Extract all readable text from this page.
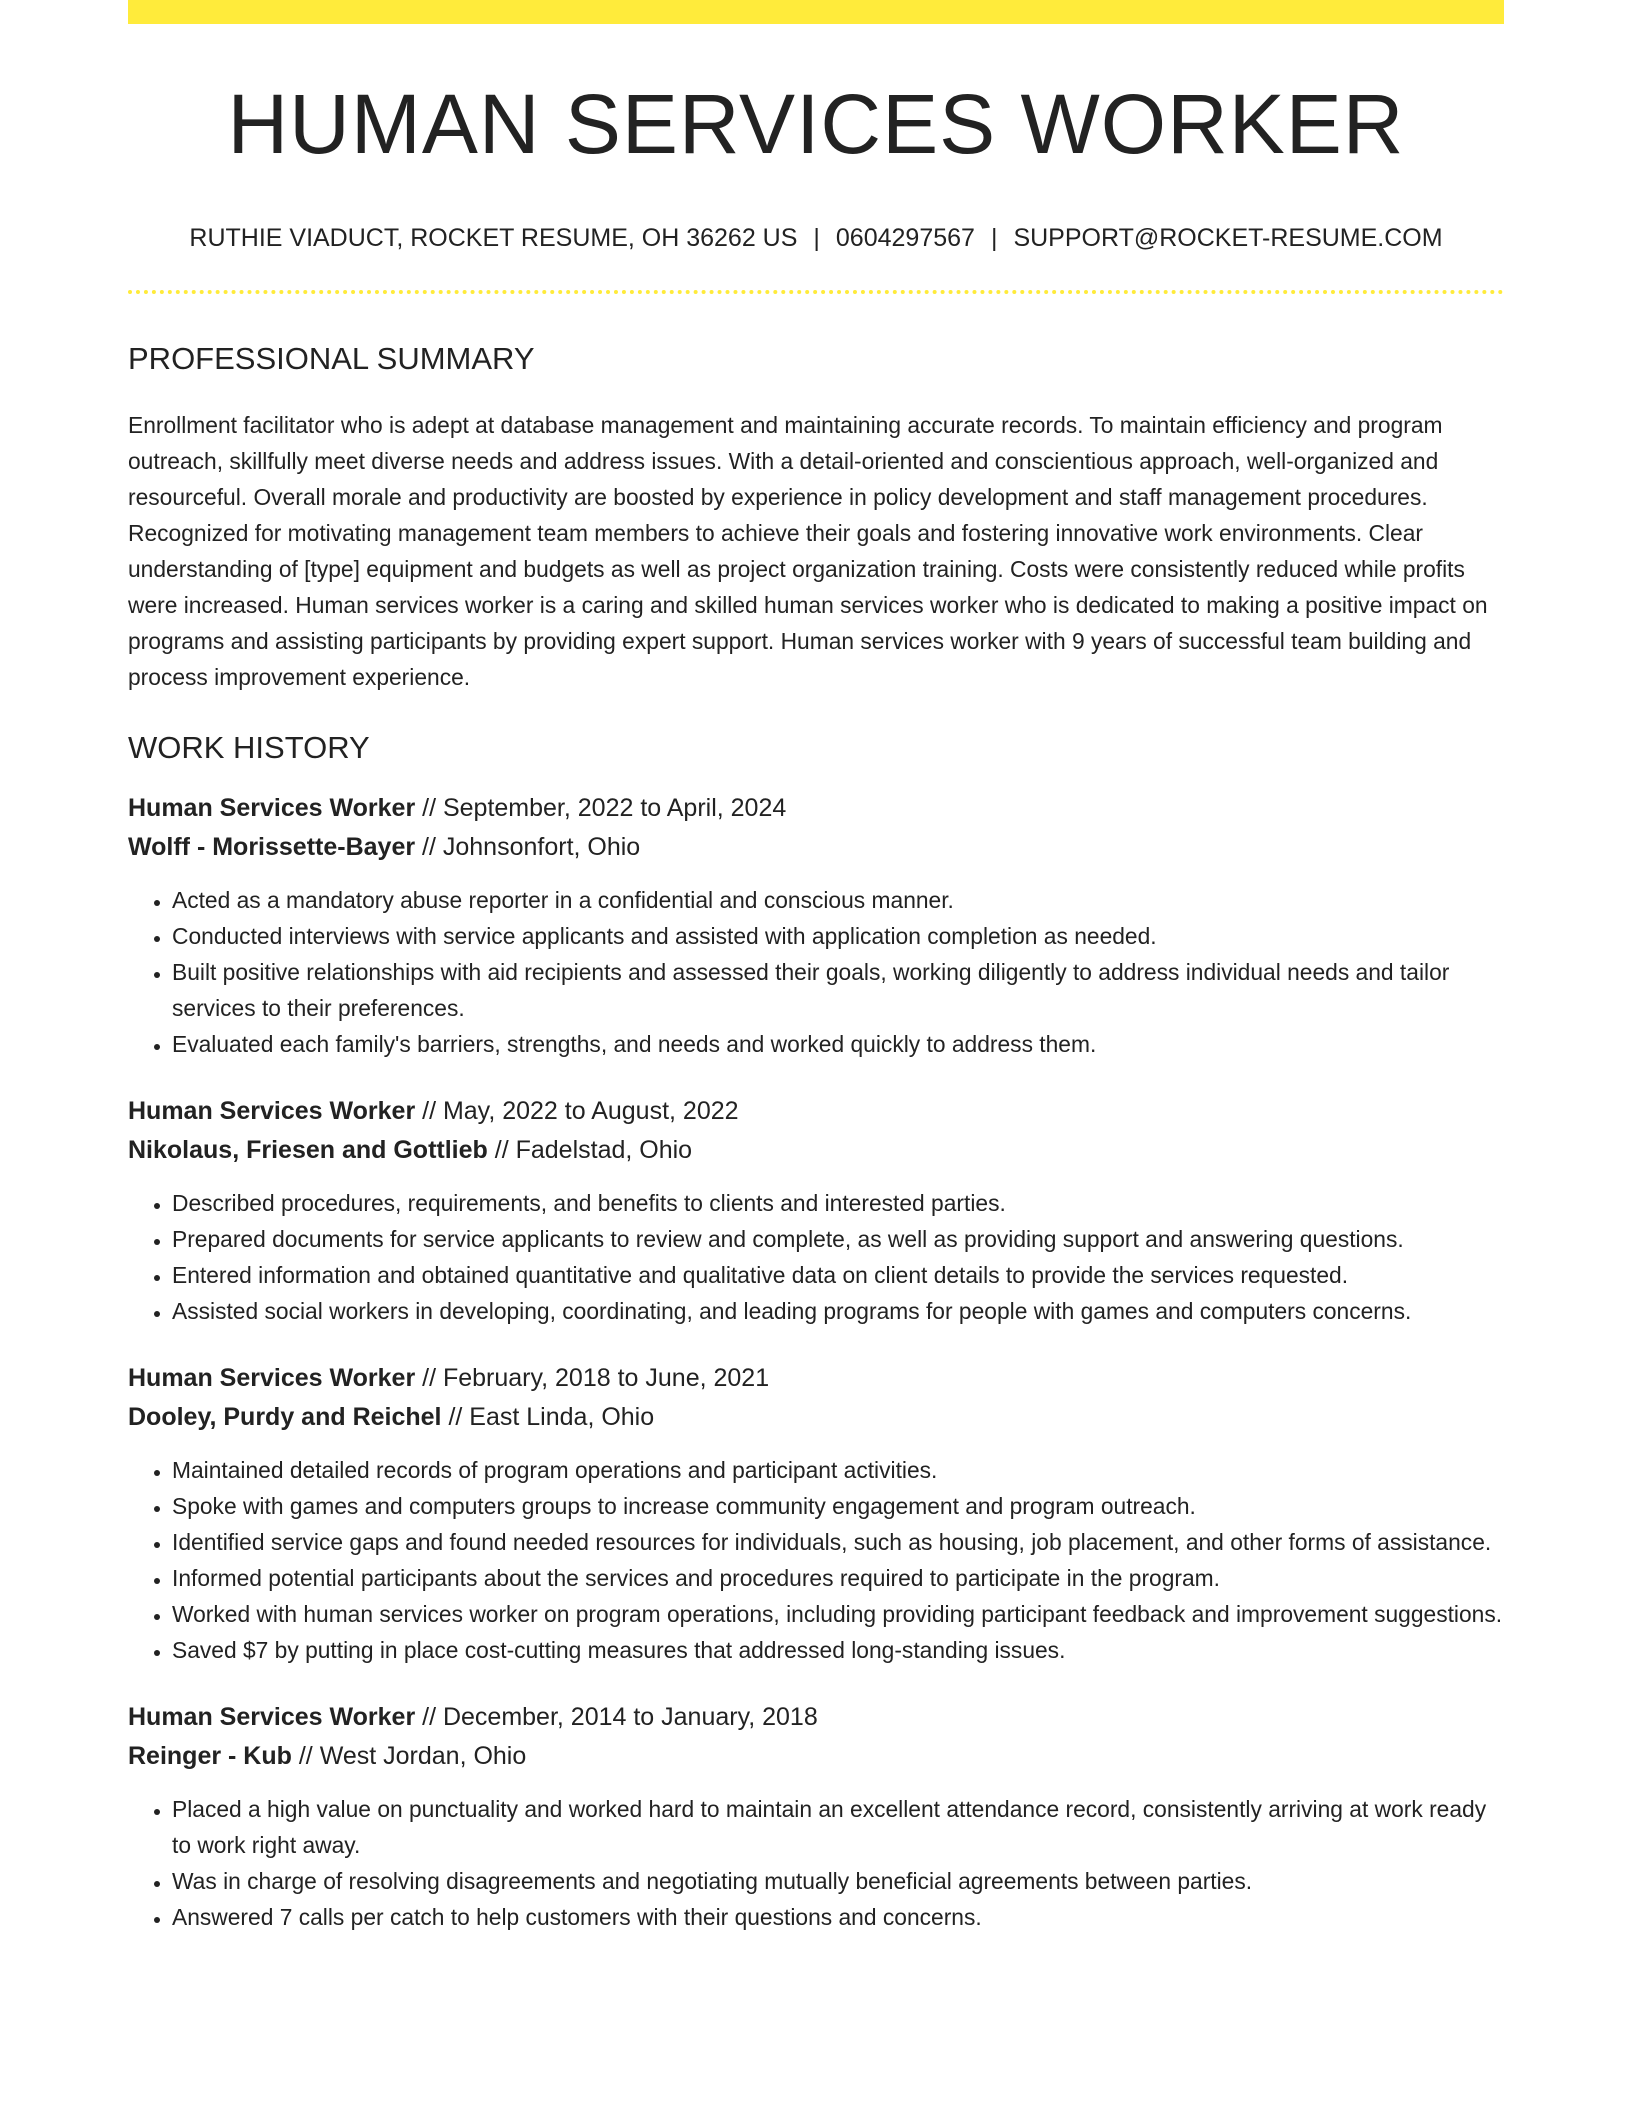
HUMAN SERVICES WORKER
RUTHIE VIADUCT, ROCKET RESUME, OH 36262 US | 0604297567 | SUPPORT@ROCKET-RESUME.COM
PROFESSIONAL SUMMARY
Enrollment facilitator who is adept at database management and maintaining accurate records. To maintain efficiency and program outreach, skillfully meet diverse needs and address issues. With a detail-oriented and conscientious approach, well-organized and resourceful. Overall morale and productivity are boosted by experience in policy development and staff management procedures. Recognized for motivating management team members to achieve their goals and fostering innovative work environments. Clear understanding of [type] equipment and budgets as well as project organization training. Costs were consistently reduced while profits were increased. Human services worker is a caring and skilled human services worker who is dedicated to making a positive impact on programs and assisting participants by providing expert support. Human services worker with 9 years of successful team building and process improvement experience.
WORK HISTORY
Human Services Worker // September, 2022 to April, 2024
Wolff - Morissette-Bayer // Johnsonfort, Ohio
• Acted as a mandatory abuse reporter in a confidential and conscious manner.
• Conducted interviews with service applicants and assisted with application completion as needed.
• Built positive relationships with aid recipients and assessed their goals, working diligently to address individual needs and tailor services to their preferences.
• Evaluated each family's barriers, strengths, and needs and worked quickly to address them.
Human Services Worker // May, 2022 to August, 2022
Nikolaus, Friesen and Gottlieb // Fadelstad, Ohio
• Described procedures, requirements, and benefits to clients and interested parties.
• Prepared documents for service applicants to review and complete, as well as providing support and answering questions.
• Entered information and obtained quantitative and qualitative data on client details to provide the services requested.
• Assisted social workers in developing, coordinating, and leading programs for people with games and computers concerns.
Human Services Worker // February, 2018 to June, 2021
Dooley, Purdy and Reichel // East Linda, Ohio
• Maintained detailed records of program operations and participant activities.
• Spoke with games and computers groups to increase community engagement and program outreach.
• Identified service gaps and found needed resources for individuals, such as housing, job placement, and other forms of assistance.
• Informed potential participants about the services and procedures required to participate in the program.
• Worked with human services worker on program operations, including providing participant feedback and improvement suggestions.
• Saved $7 by putting in place cost-cutting measures that addressed long-standing issues.
Human Services Worker // December, 2014 to January, 2018
Reinger - Kub // West Jordan, Ohio
• Placed a high value on punctuality and worked hard to maintain an excellent attendance record, consistently arriving at work ready to work right away.
• Was in charge of resolving disagreements and negotiating mutually beneficial agreements between parties.
• Answered 7 calls per catch to help customers with their questions and concerns.
